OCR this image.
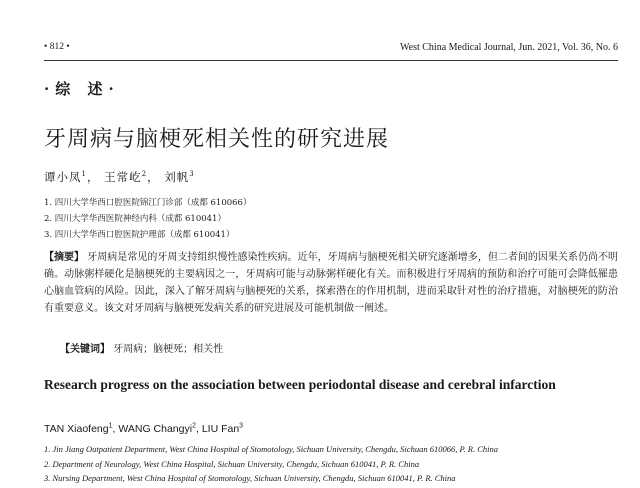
• 812 •	West China Medical Journal, Jun. 2021, Vol. 36, No. 6
·综 述·
牙周病与脑梗死相关性的研究进展
谭小凤$^1$， 王常屹$^2$， 刘帆$^3$
1. 四川大学华西口腔医院锦江门诊部（成都 610066）
2. 四川大学华西医院神经内科（成都 610041）
3. 四川大学华西口腔医院护理部（成都 610041）
【摘要】 牙周病是常见的牙周支持组织慢性感染性疾病。近年，牙周病与脑梗死相关研究逐渐增多，但二者间的因果关系仍尚不明确。动脉粥样硬化是脑梗死的主要病因之一，牙周病可能与动脉粥样硬化有关。而积极进行牙周病的预防和治疗可能可会降低罹患心脑血管病的风险。因此，深入了解牙周病与脑梗死的关系，探索潜在的作用机制，进而采取针对性的治疗措施，对脑梗死的防治有重要意义。该文对牙周病与脑梗死发病关系的研究进展及可能机制做一阐述。
【关键词】 牙周病；脑梗死；相关性
Research progress on the association between periodontal disease and cerebral infarction
TAN Xiaofeng$^1$, WANG Changyi$^2$, LIU Fan$^3$
1. Jin Jiang Outpatient Department, West China Hospital of Stomotology, Sichuan University, Chengdu, Sichuan 610066, P. R. China
2. Department of Neurology, West China Hospital, Sichuan University, Chengdu, Sichuan 610041, P. R. China
3. Nursing Department, West China Hospital of Stomotology, Sichuan University, Chengdu, Sichuan 610041, P. R. China
